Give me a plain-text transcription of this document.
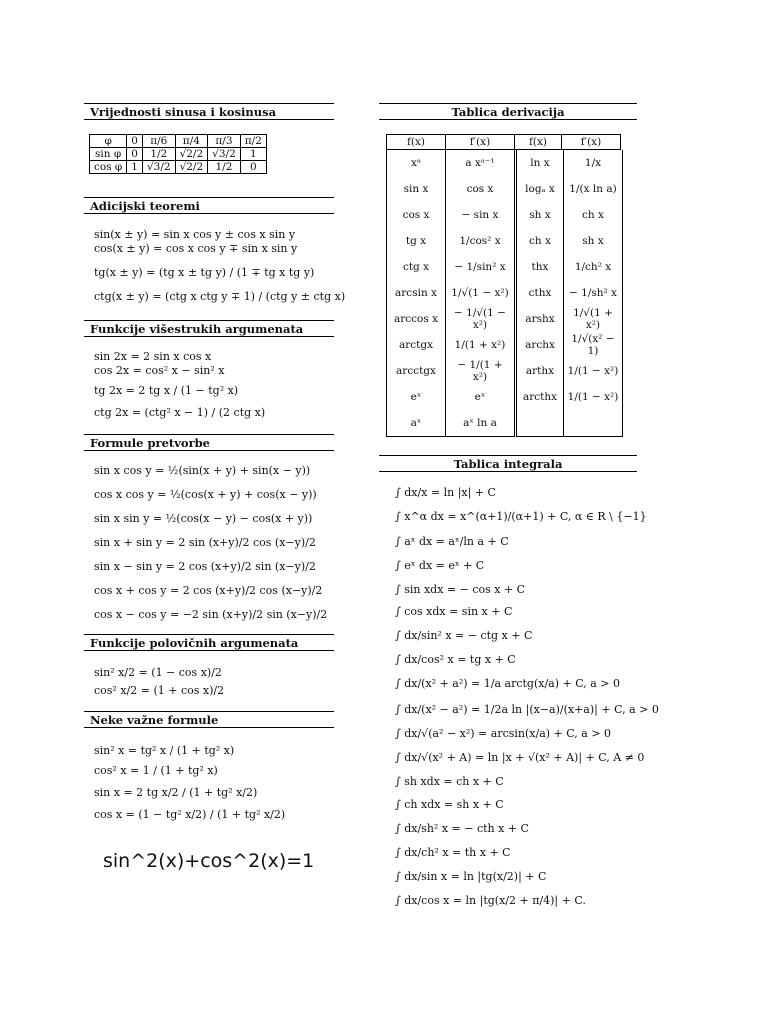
Vrijednosti sinusa i kosinusa
φ	0	π/6	π/4	π/3	π/2
sin φ	0	1/2	√2/2	√3/2	1
cos φ	1	√3/2	√2/2	1/2	0
Adicijski teoremi
sin(x ± y) = sin x cos y ± cos x sin y
cos(x ± y) = cos x cos y ∓ sin x sin y
tg(x ± y) = (tg x ± tg y) / (1 ∓ tg x tg y)
ctg(x ± y) = (ctg x ctg y ∓ 1) / (ctg y ± ctg x)
Funkcije višestrukih argumenata
sin 2x = 2 sin x cos x
cos 2x = cos² x − sin² x
tg 2x = 2 tg x / (1 − tg² x)
ctg 2x = (ctg² x − 1) / (2 ctg x)
Formule pretvorbe
sin x cos y = ½(sin(x + y) + sin(x − y))
cos x cos y = ½(cos(x + y) + cos(x − y))
sin x sin y = ½(cos(x − y) − cos(x + y))
sin x + sin y = 2 sin (x+y)/2 cos (x−y)/2
sin x − sin y = 2 cos (x+y)/2 sin (x−y)/2
cos x + cos y = 2 cos (x+y)/2 cos (x−y)/2
cos x − cos y = −2 sin (x+y)/2 sin (x−y)/2
Funkcije polovičnih argumenata
sin² x/2 = (1 − cos x)/2
cos² x/2 = (1 + cos x)/2
Neke važne formule
sin² x = tg² x / (1 + tg² x)
cos² x = 1 / (1 + tg² x)
sin x = 2 tg x/2 / (1 + tg² x/2)
cos x = (1 − tg² x/2) / (1 + tg² x/2)
sin^2(x)+cos^2(x)=1
Tablica derivacija
f(x)	f′(x)	f(x)	f′(x)
xᵃ	a xᵃ⁻¹	ln x	1/x
sin x	cos x	logₐ x	1/(x ln a)
cos x	− sin x	sh x	ch x
tg x	1/cos² x	ch x	sh x
ctg x	− 1/sin² x	thx	1/ch² x
arcsin x	1/√(1 − x²)	cthx	− 1/sh² x
arccos x	− 1/√(1 − x²)	arshx	1/√(1 + x²)
arctgx	1/(1 + x²)	archx	1/√(x² − 1)
arcctgx	− 1/(1 + x²)	arthx	1/(1 − x²)
eˣ	eˣ	arcthx	1/(1 − x²)
aˣ	aˣ ln a		
Tablica integrala
∫ dx/x = ln |x| + C
∫ x^α dx = x^(α+1)/(α+1) + C, α ∈ R \ {−1}
∫ aˣ dx = aˣ/ln a + C
∫ eˣ dx = eˣ + C
∫ sin xdx = − cos x + C
∫ cos xdx = sin x + C
∫ dx/sin² x = − ctg x + C
∫ dx/cos² x = tg x + C
∫ dx/(x² + a²) = 1/a arctg(x/a) + C, a > 0
∫ dx/(x² − a²) = 1/2a ln |(x−a)/(x+a)| + C, a > 0
∫ dx/√(a² − x²) = arcsin(x/a) + C, a > 0
∫ dx/√(x² + A) = ln |x + √(x² + A)| + C, A ≠ 0
∫ sh xdx = ch x + C
∫ ch xdx = sh x + C
∫ dx/sh² x = − cth x + C
∫ dx/ch² x = th x + C
∫ dx/sin x = ln |tg(x/2)| + C
∫ dx/cos x = ln |tg(x/2 + π/4)| + C.
